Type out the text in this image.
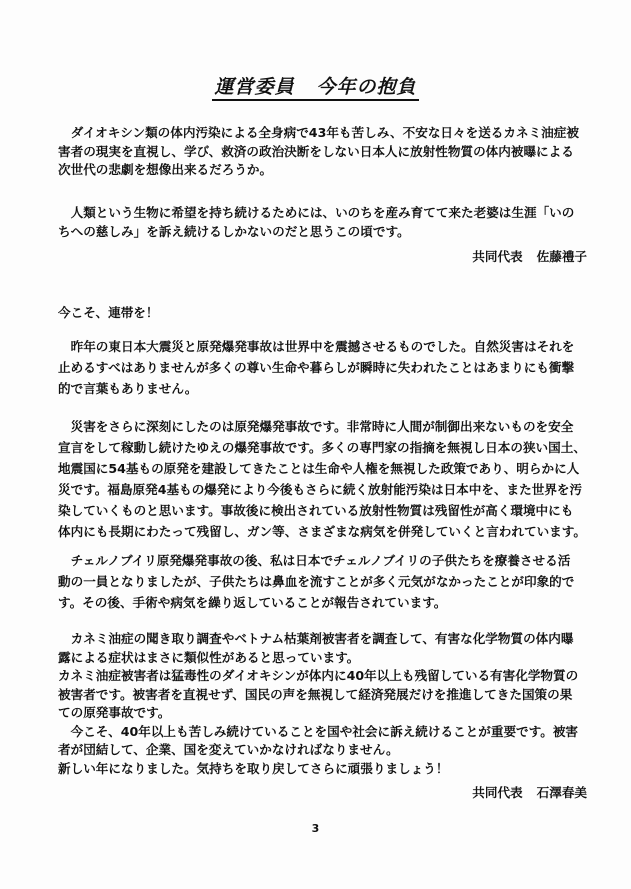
運営委員 今年の抱負
　ダイオキシン類の体内汚染による全身病で43年も苦しみ、不安な日々を送るカネミ油症被
害者の現実を直視し、学び、救済の政治決断をしない日本人に放射性物質の体内被曝による
次世代の悲劇を想像出来るだろうか。
　人類という生物に希望を持ち続けるためには、いのちを産み育てて来た老婆は生涯「いの
ちへの慈しみ」を訴え続けるしかないのだと思うこの頃です。
共同代表 佐藤禮子
今こそ、連帯を！
　昨年の東日本大震災と原発爆発事故は世界中を震撼させるものでした。自然災害はそれを
止めるすべはありませんが多くの尊い生命や暮らしが瞬時に失われたことはあまりにも衝撃
的で言葉もありません。
　災害をさらに深刻にしたのは原発爆発事故です。非常時に人間が制御出来ないものを安全
宣言をして稼動し続けたゆえの爆発事故です。多くの専門家の指摘を無視し日本の狭い国土、
地震国に54基もの原発を建設してきたことは生命や人権を無視した政策であり、明らかに人
災です。福島原発4基もの爆発により今後もさらに続く放射能汚染は日本中を、また世界を汚
染していくものと思います。事故後に検出されている放射性物質は残留性が高く環境中にも
体内にも長期にわたって残留し、ガン等、さまざまな病気を併発していくと言われています。
　チェルノブイリ原発爆発事故の後、私は日本でチェルノブイリの子供たちを療養させる活
動の一員となりましたが、子供たちは鼻血を流すことが多く元気がなかったことが印象的で
す。その後、手術や病気を繰り返していることが報告されています。
　カネミ油症の聞き取り調査やベトナム枯葉剤被害者を調査して、有害な化学物質の体内曝
露による症状はまさに類似性があると思っています。
カネミ油症被害者は猛毒性のダイオキシンが体内に40年以上も残留している有害化学物質の
被害者です。被害者を直視せず、国民の声を無視して経済発展だけを推進してきた国策の果
ての原発事故です。
　今こそ、40年以上も苦しみ続けていることを国や社会に訴え続けることが重要です。被害
者が団結して、企業、国を変えていかなければなりません。
新しい年になりました。気持ちを取り戻してさらに頑張りましょう！
共同代表 石澤春美
3
